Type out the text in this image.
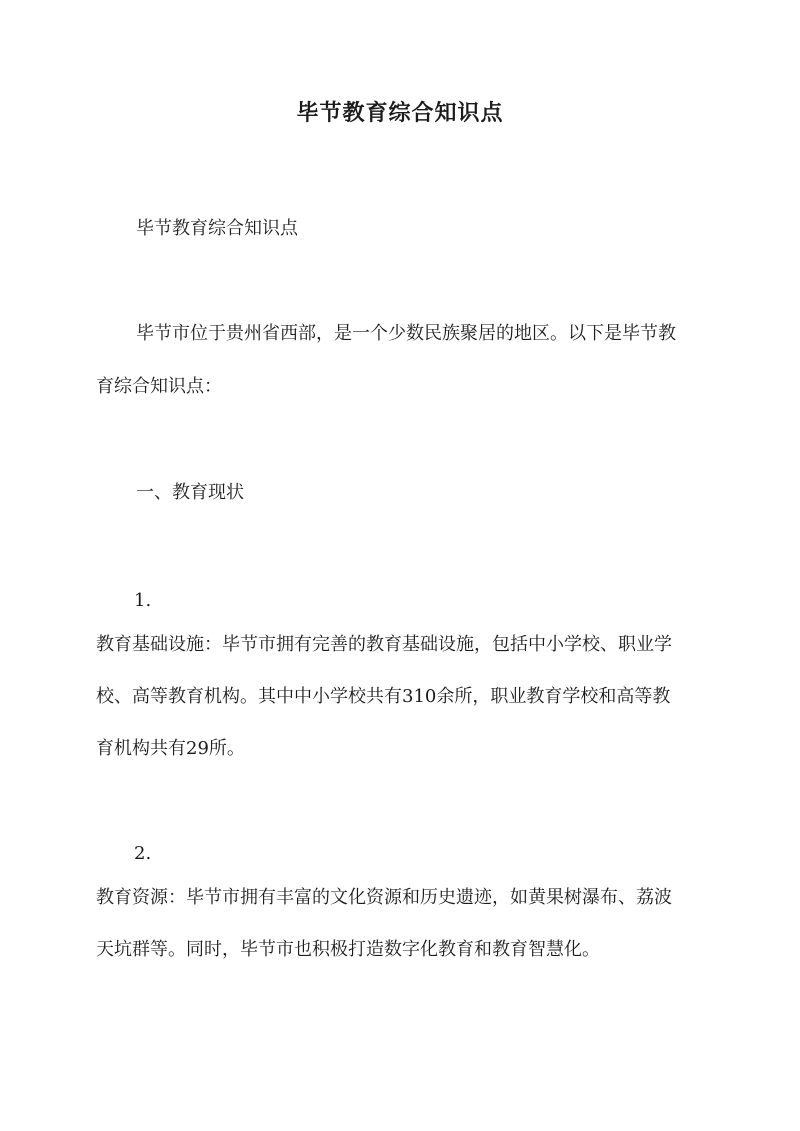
毕节教育综合知识点
毕节教育综合知识点
毕节市位于贵州省西部，是一个少数民族聚居的地区。以下是毕节教
育综合知识点：
一、教育现状
1.
教育基础设施：毕节市拥有完善的教育基础设施，包括中小学校、职业学
校、高等教育机构。其中中小学校共有310余所，职业教育学校和高等教
育机构共有29所。
2.
教育资源：毕节市拥有丰富的文化资源和历史遗迹，如黄果树瀑布、荔波
天坑群等。同时，毕节市也积极打造数字化教育和教育智慧化。
